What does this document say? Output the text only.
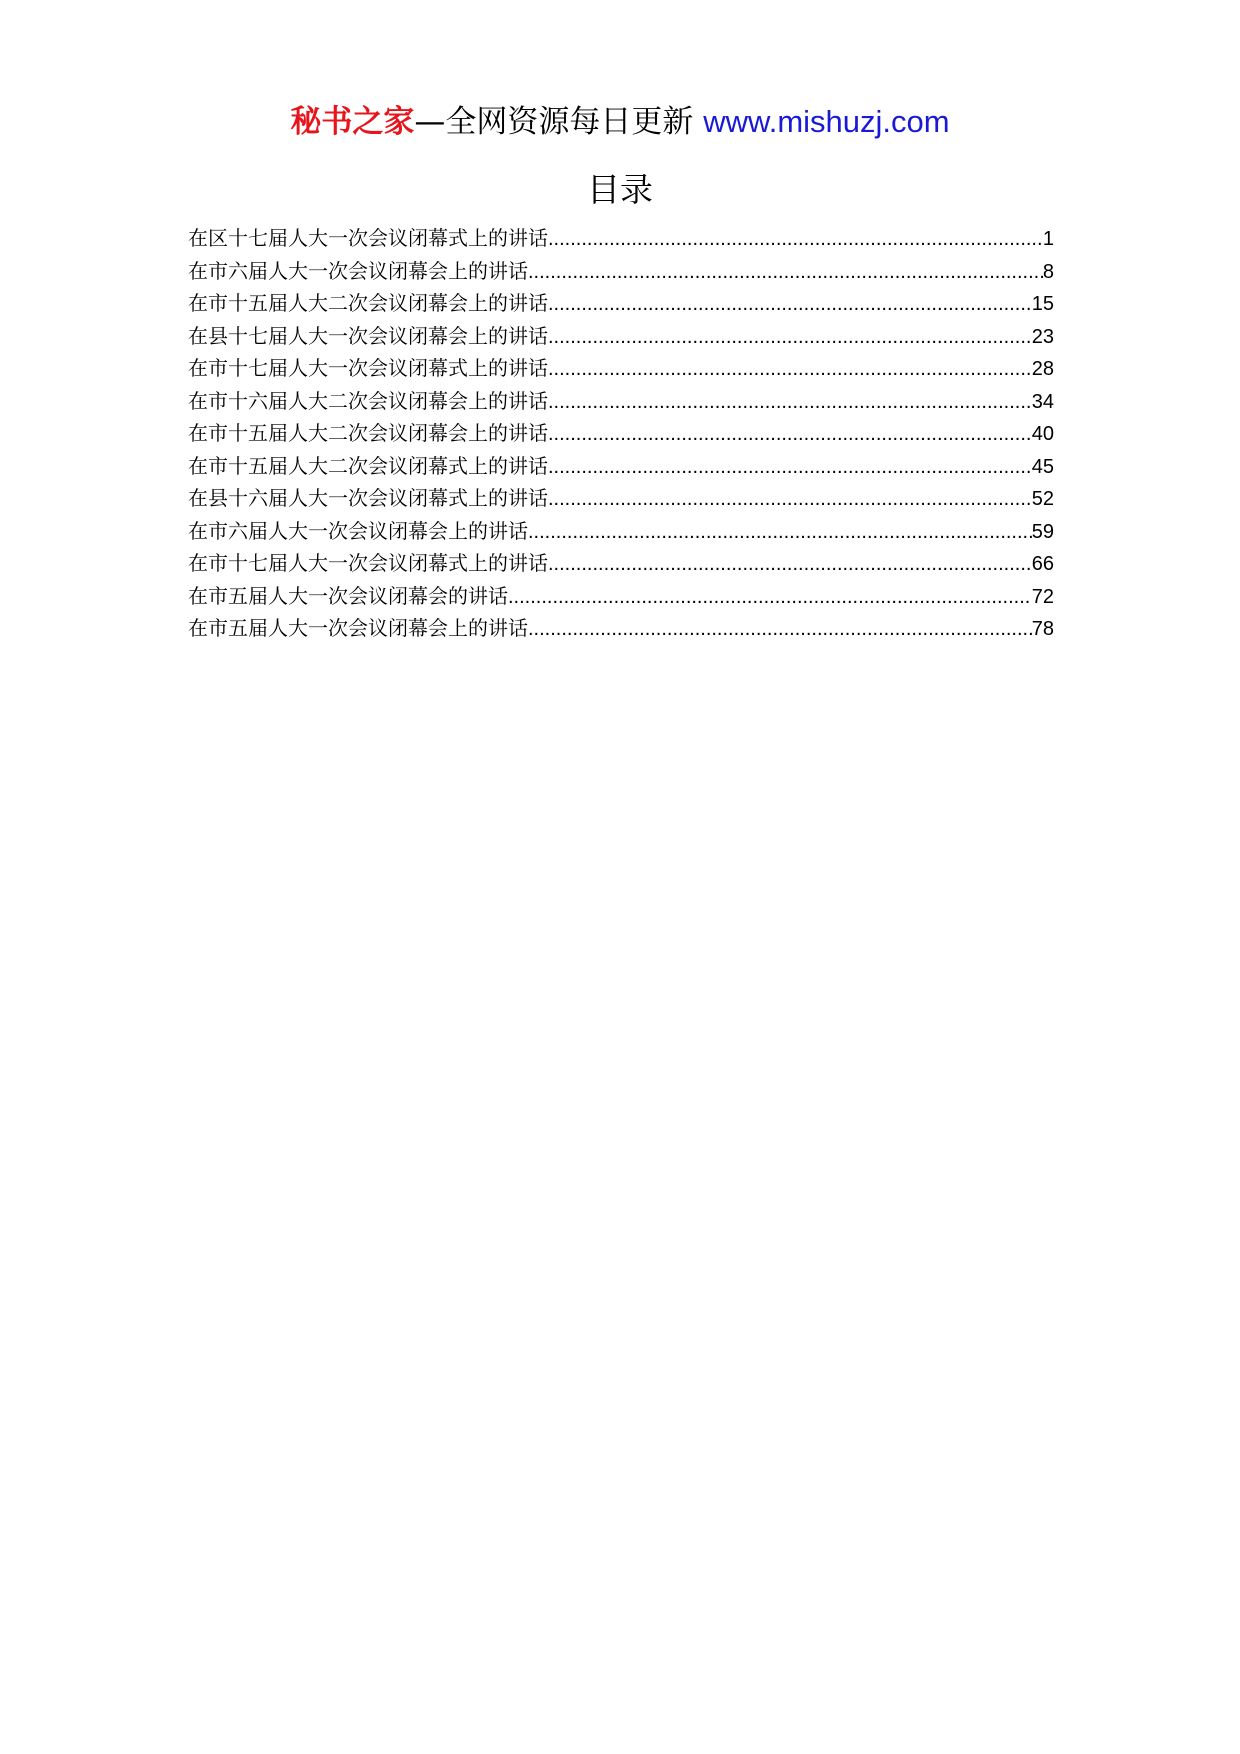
秘书之家—全网资源每日更新 www.mishuzj.com
目录
在区十七届人大一次会议闭幕式上的讲话 .....	1
在市六届人大一次会议闭幕会上的讲话 .....	8
在市十五届人大二次会议闭幕会上的讲话 .....	15
在县十七届人大一次会议闭幕会上的讲话 .....	23
在市十七届人大一次会议闭幕式上的讲话 .....	28
在市十六届人大二次会议闭幕会上的讲话 .....	34
在市十五届人大二次会议闭幕会上的讲话 .....	40
在市十五届人大二次会议闭幕式上的讲话 .....	45
在县十六届人大一次会议闭幕式上的讲话 .....	52
在市六届人大一次会议闭幕会上的讲话 .....	59
在市十七届人大一次会议闭幕式上的讲话 .....	66
在市五届人大一次会议闭幕会的讲话 .....	72
在市五届人大一次会议闭幕会上的讲话 .....	78
